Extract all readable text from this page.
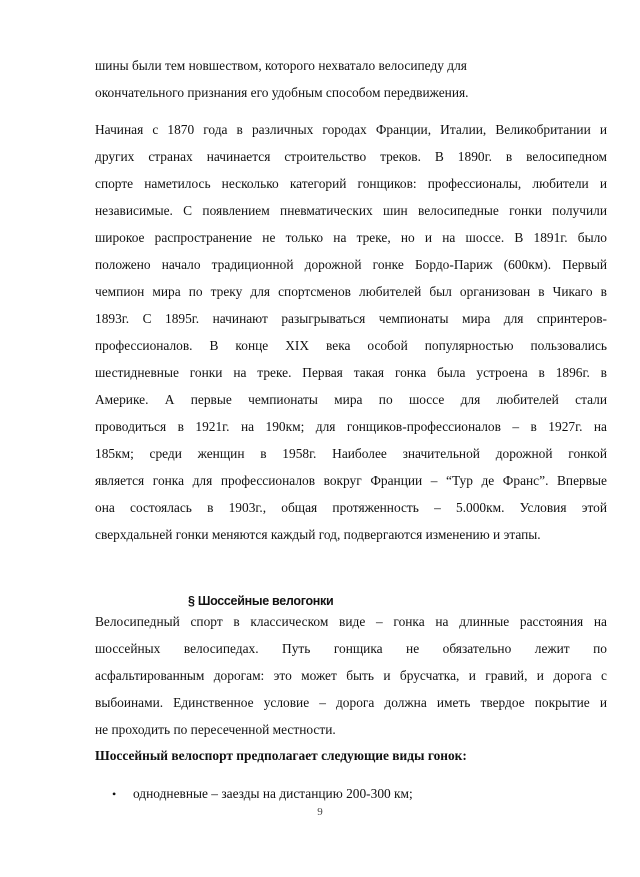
шины были тем новшеством, которого нехватало велосипеду для
окончательного признания его удобным способом передвижения.
Начиная с 1870 года в различных городах Франции, Италии, Великобритании и
других странах начинается строительство треков. В 1890г. в велосипедном
спорте наметилось несколько категорий гонщиков: профессионалы, любители и
независимые. С появлением пневматических шин велосипедные гонки получили
широкое распространение не только на треке, но и на шоссе. В 1891г. было
положено начало традиционной дорожной гонке Бордо-Париж (600км). Первый
чемпион мира по треку для спортсменов любителей был организован в Чикаго в
1893г. С 1895г. начинают разыгрываться чемпионаты мира для спринтеров-
профессионалов. В конце XIX века особой популярностью пользовались
шестидневные гонки на треке. Первая такая гонка была устроена в 1896г. в
Америке. А первые чемпионаты мира по шоссе для любителей стали
проводиться в 1921г. на 190км; для гонщиков-профессионалов – в 1927г. на
185км; среди женщин в 1958г. Наиболее значительной дорожной гонкой
является гонка для профессионалов вокруг Франции – “Тур де Франс”. Впервые
она состоялась в 1903г., общая протяженность – 5.000км. Условия этой
сверхдальней гонки меняются каждый год, подвергаются изменению и этапы.
§ Шоссейные велогонки
Велосипедный спорт в классическом виде – гонка на длинные расстояния на
шоссейных велосипедах. Путь гонщика не обязательно лежит по
асфальтированным дорогам: это может быть и брусчатка, и гравий, и дорога с
выбоинами. Единственное условие – дорога должна иметь твердое покрытие и
не проходить по пересеченной местности.
Шоссейный велоспорт предполагает следующие виды гонок:
• однодневные – заезды на дистанцию 200-300 км;
9
